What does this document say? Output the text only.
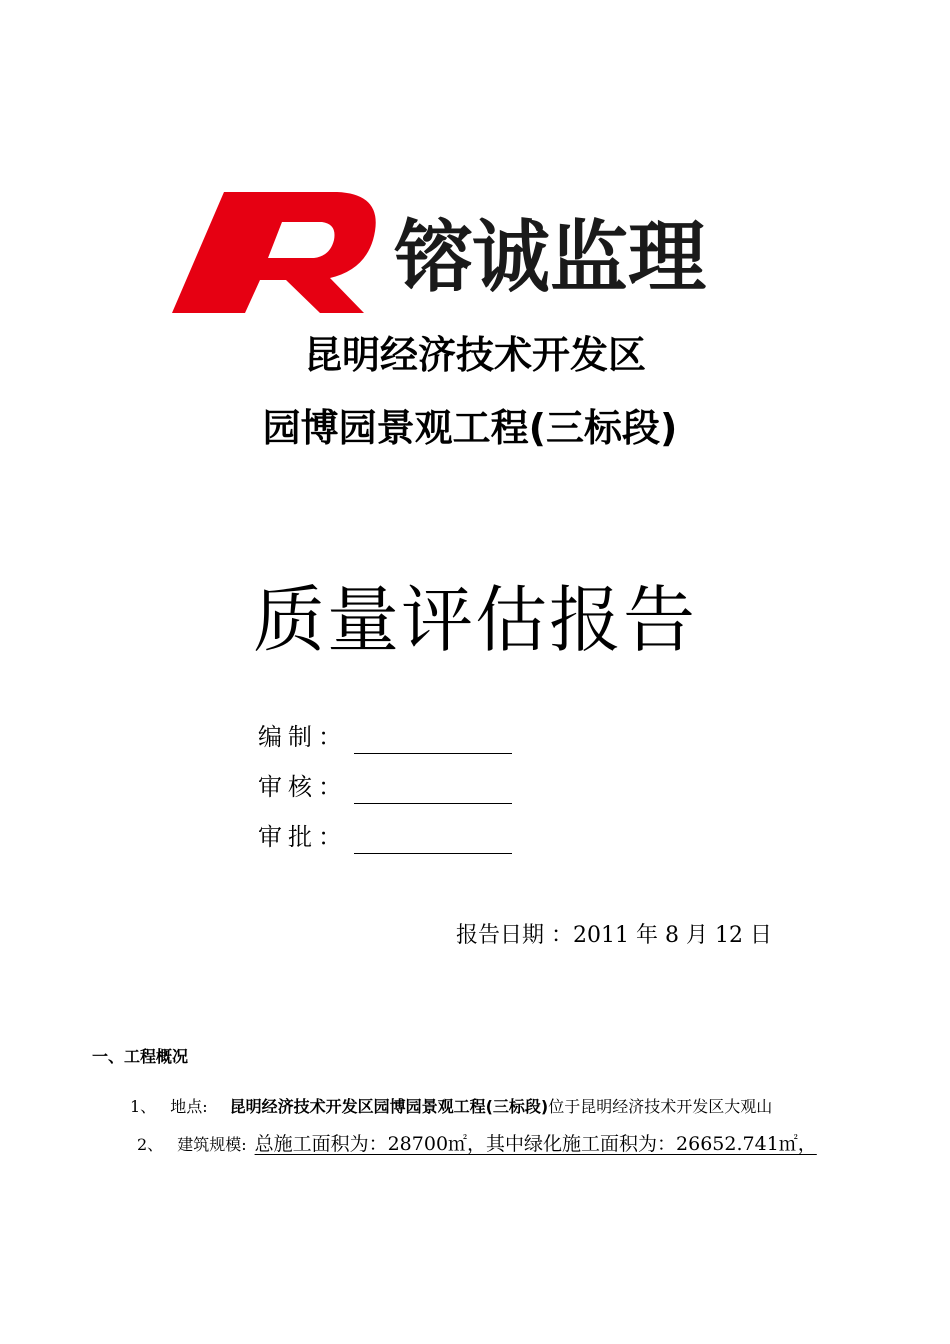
镕诚监理
昆明经济技术开发区
园博园景观工程(三标段)
质量评估报告
编制：
审核：
审批：
报告日期 ：2011 年 8 月 12 日
一、工程概况
1、 地点: 昆明经济技术开发区园博园景观工程(三标段)位于昆明经济技术开发区大观山
2、 建筑规模: 总施工面积为：28700㎡，其中绿化施工面积为：26652.741㎡，
